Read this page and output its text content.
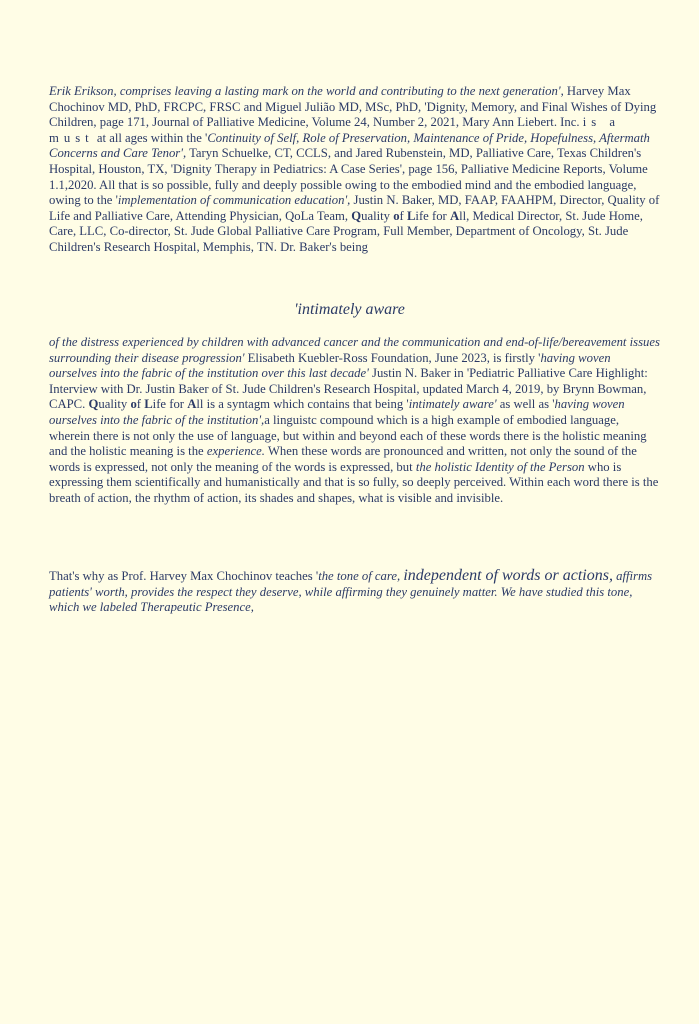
Erik Erikson, comprises leaving a lasting mark on the world and contributing to the next generation', Harvey Max Chochinov MD, PhD, FRCPC, FRSC and Miguel Julião MD, MSc, PhD, 'Dignity, Memory, and Final Wishes of Dying Children, page 171, Journal of Palliative Medicine, Volume 24, Number 2, 2021, Mary Ann Liebert. Inc. is a must at all ages within the 'Continuity of Self, Role of Preservation, Maintenance of Pride, Hopefulness, Aftermath Concerns and Care Tenor', Taryn Schuelke, CT, CCLS, and Jared Rubenstein, MD, Palliative Care, Texas Children's Hospital, Houston, TX, 'Dignity Therapy in Pediatrics: A Case Series', page 156, Palliative Medicine Reports, Volume 1.1,2020. All that is so possible, fully and deeply possible owing to the embodied mind and the embodied language, owing to the 'implementation of communication education', Justin N. Baker, MD, FAAP, FAAHPM, Director, Quality of Life and Palliative Care, Attending Physician, QoLa Team, Quality of Life for All, Medical Director, St. Jude Home, Care, LLC, Co-director, St. Jude Global Palliative Care Program, Full Member, Department of Oncology, St. Jude Children's Research Hospital, Memphis, TN. Dr. Baker's being

'intimately aware

of the distress experienced by children with advanced cancer and the communication and end-of-life/bereavement issues surrounding their disease progression' Elisabeth Kuebler-Ross Foundation, June 2023, is firstly 'having woven ourselves into the fabric of the institution over this last decade' Justin N. Baker in 'Pediatric Palliative Care Highlight: Interview with Dr. Justin Baker of St. Jude Children's Research Hospital, updated March 4, 2019, by Brynn Bowman, CAPC. Quality of Life for All is a syntagm which contains that being 'intimately aware' as well as 'having woven ourselves into the fabric of the institution',a linguistc compound which is a high example of embodied language, wherein there is not only the use of language, but within and beyond each of these words there is the holistic meaning and the holistic meaning is the experience. When these words are pronounced and written, not only the sound of the words is expressed, not only the meaning of the words is expressed, but the holistic Identity of the Person who is expressing them scientifically and humanistically and that is so fully, so deeply perceived. Within each word there is the breath of action, the rhythm of action, its shades and shapes, what is visible and invisible.

That's why as Prof. Harvey Max Chochinov teaches 'the tone of care, independent of words or actions, affirms patients' worth, provides the respect they deserve, while affirming they genuinely matter. We have studied this tone, which we labeled Therapeutic Presence,
